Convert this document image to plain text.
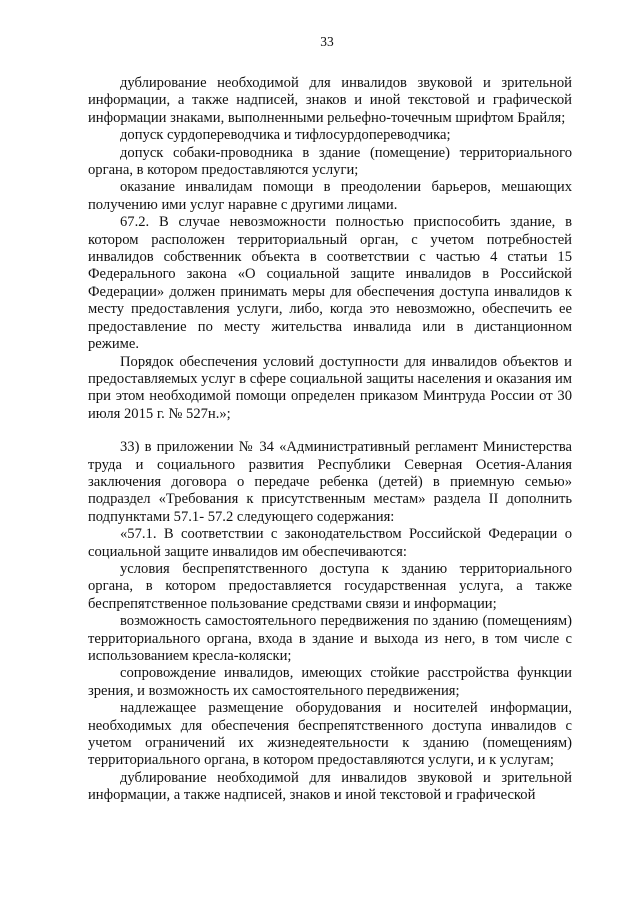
33

дублирование необходимой для инвалидов звуковой и зрительной информации, а также надписей, знаков и иной текстовой и графической информации знаками, выполненными рельефно-точечным шрифтом Брайля;

допуск сурдопереводчика и тифлосурдопереводчика;

допуск собаки-проводника в здание (помещение) территориального органа, в котором предоставляются услуги;

оказание инвалидам помощи в преодолении барьеров, мешающих получению ими услуг наравне с другими лицами.

67.2. В случае невозможности полностью приспособить здание, в котором расположен территориальный орган, с учетом потребностей инвалидов собственник объекта в соответствии с частью 4 статьи 15 Федерального закона «О социальной защите инвалидов в Российской Федерации» должен принимать меры для обеспечения доступа инвалидов к месту предоставления услуги, либо, когда это невозможно, обеспечить ее предоставление по месту жительства инвалида или в дистанционном режиме.

Порядок обеспечения условий доступности для инвалидов объектов и предоставляемых услуг в сфере социальной защиты населения и оказания им при этом необходимой помощи определен приказом Минтруда России от 30 июля 2015 г. № 527н.»;

33) в приложении № 34 «Административный регламент Министерства труда и социального развития Республики Северная Осетия-Алания заключения договора о передаче ребенка (детей) в приемную семью» подраздел «Требования к присутственным местам» раздела II дополнить подпунктами 57.1- 57.2 следующего содержания:

«57.1. В соответствии с законодательством Российской Федерации о социальной защите инвалидов им обеспечиваются:

условия беспрепятственного доступа к зданию территориального органа, в котором предоставляется государственная услуга, а также беспрепятственное пользование средствами связи и информации;

возможность самостоятельного передвижения по зданию (помещениям) территориального органа, входа в здание и выхода из него, в том числе с использованием кресла-коляски;

сопровождение инвалидов, имеющих стойкие расстройства функции зрения, и возможность их самостоятельного передвижения;

надлежащее размещение оборудования и носителей информации, необходимых для обеспечения беспрепятственного доступа инвалидов с учетом ограничений их жизнедеятельности к зданию (помещениям) территориального органа, в котором предоставляются услуги, и к услугам;

дублирование необходимой для инвалидов звуковой и зрительной информации, а также надписей, знаков и иной текстовой и графической
